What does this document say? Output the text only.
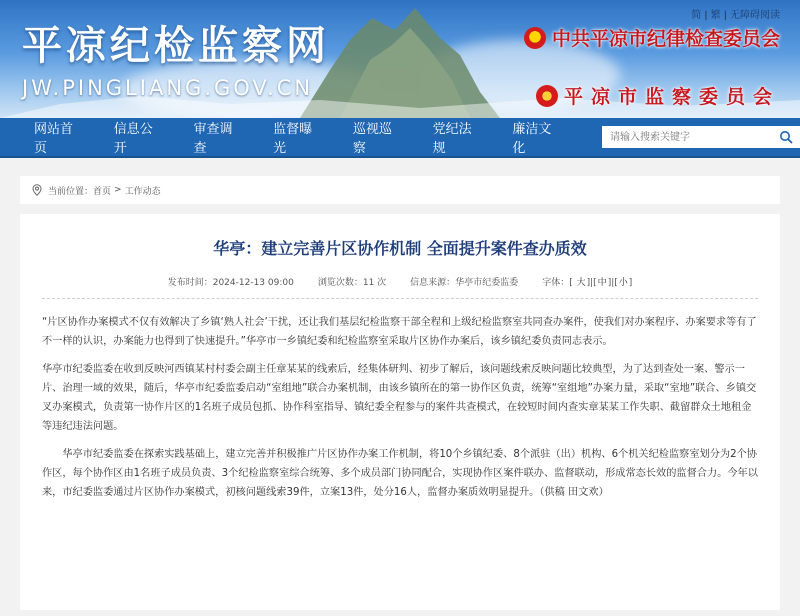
平凉纪检监察网
JW.PINGLIANG.GOV.CN
简 | 繁 | 无障碍阅读
中共平凉市纪律检查委员会
平凉市监察委员会
网站首页
信息公开
审查调查
监督曝光
巡视巡察
党纪法规
廉洁文化
请输入搜索关键字
当前位置： 首页 > 工作动态
华亭：建立完善片区协作机制 全面提升案件查办质效
发布时间：2024-12-13 09:00	浏览次数：11 次	信息来源：华亭市纪委监委	字体：[ 大]|[中]|[小]

“片区协作办案模式不仅有效解决了乡镇‘熟人社会’干扰，还让我们基层纪检监察干部全程和上级纪检监察室共同查办案件，使我们对办案程序、办案要求等有了不一样的认识，办案能力也得到了快速提升。”华亭市一乡镇纪委和纪检监察室采取片区协作办案后，该乡镇纪委负责同志表示。

华亭市纪委监委在收到反映河西镇某村村委会副主任章某某的线索后，经集体研判、初步了解后，该问题线索反映问题比较典型，为了达到查处一案、警示一片、治理一域的效果，随后，华亭市纪委监委启动“室组地”联合办案机制，由该乡镇所在的第一协作区负责，统筹“室组地”办案力量，采取“室地”联合、乡镇交叉办案模式，负责第一协作片区的1名班子成员包抓、协作科室指导、镇纪委全程参与的案件共查模式，在较短时间内查实章某某工作失职、截留群众土地租金等违纪违法问题。

华亭市纪委监委在探索实践基础上，建立完善并积极推广片区协作办案工作机制，将10个乡镇纪委、8个派驻（出）机构、6个机关纪检监察室划分为2个协作区，每个协作区由1名班子成员负责、3个纪检监察室综合统筹、多个成员部门协同配合，实现协作区案件联办、监督联动，形成常态长效的监督合力。今年以来，市纪委监委通过片区协作办案模式，初核问题线索39件，立案13件，处分16人，监督办案质效明显提升。（供稿 田文欢）
